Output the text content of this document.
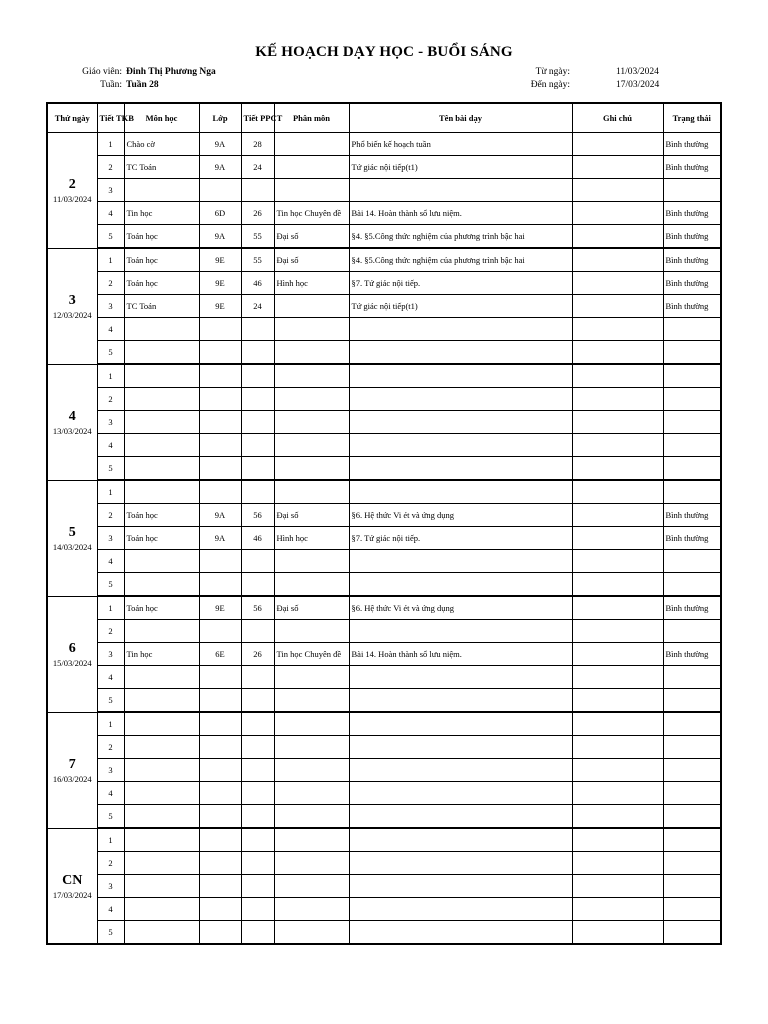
KẾ HOẠCH DẠY HỌC - BUỔI SÁNG
Giáo viên: Đinh Thị Phương Nga
Tuần: Tuần 28
Từ ngày:	11/03/2024
Đến ngày:	17/03/2024
Thứ ngày	Tiết TKB	Môn học	Lớp	Tiết PPCT	Phân môn	Tên bài dạy	Ghi chú	Trạng thái

2
11/03/2024	1	Chào cờ	9A	28		Phổ biến kế hoạch tuần		Bình thường
	2	TC Toán	9A	24		Tứ giác nội tiếp(t1)		Bình thường
	3							
	4	Tin học	6D	26	Tin học Chuyên đề	Bài 14. Hoàn thành sổ lưu niệm.		Bình thường
	5	Toán học	9A	55	Đại số	§4. §5.Công thức nghiệm của phương trình bậc hai		Bình thường

3
12/03/2024	1	Toán học	9E	55	Đại số	§4. §5.Công thức nghiệm của phương trình bậc hai		Bình thường
	2	Toán học	9E	46	Hình học	§7. Tứ giác nội tiếp.		Bình thường
	3	TC Toán	9E	24		Tứ giác nội tiếp(t1)		Bình thường
	4							
	5							

4
13/03/2024	1							
	2							
	3							
	4							
	5							

5
14/03/2024	1							
	2	Toán học	9A	56	Đại số	§6. Hệ thức Vi ét và ứng dụng		Bình thường
	3	Toán học	9A	46	Hình học	§7. Tứ giác nội tiếp.		Bình thường
	4							
	5							

6
15/03/2024	1	Toán học	9E	56	Đại số	§6. Hệ thức Vi ét và ứng dụng		Bình thường
	2							
	3	Tin học	6E	26	Tin học Chuyên đề	Bài 14. Hoàn thành sổ lưu niệm.		Bình thường
	4							
	5							

7
16/03/2024	1							
	2							
	3							
	4							
	5							

CN
17/03/2024	1							
	2							
	3							
	4							
	5							
